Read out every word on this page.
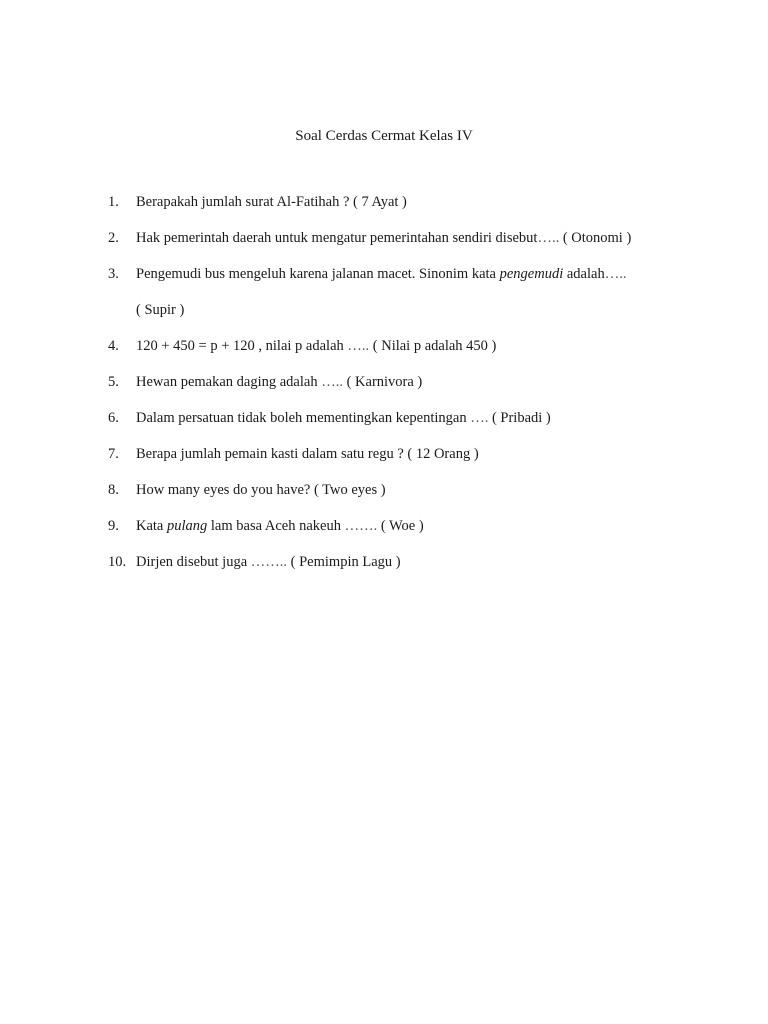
Soal Cerdas Cermat Kelas IV
1.	Berapakah jumlah surat Al-Fatihah ? ( 7 Ayat )
2.	Hak pemerintah daerah untuk mengatur pemerintahan sendiri disebut….. ( Otonomi )
3.	Pengemudi bus mengeluh karena jalanan macet. Sinonim kata pengemudi adalah…..
( Supir )
4.	120 + 450 = p + 120 , nilai p adalah ….. ( Nilai p adalah 450 )
5.	Hewan pemakan daging adalah ….. ( Karnivora )
6.	Dalam persatuan tidak boleh mementingkan kepentingan …. ( Pribadi )
7.	Berapa jumlah pemain kasti dalam satu regu ? ( 12 Orang )
8.	How many eyes do you have? ( Two eyes )
9.	Kata pulang lam basa Aceh nakeuh ……. ( Woe )
10. Dirjen disebut juga …….. ( Pemimpin Lagu )
